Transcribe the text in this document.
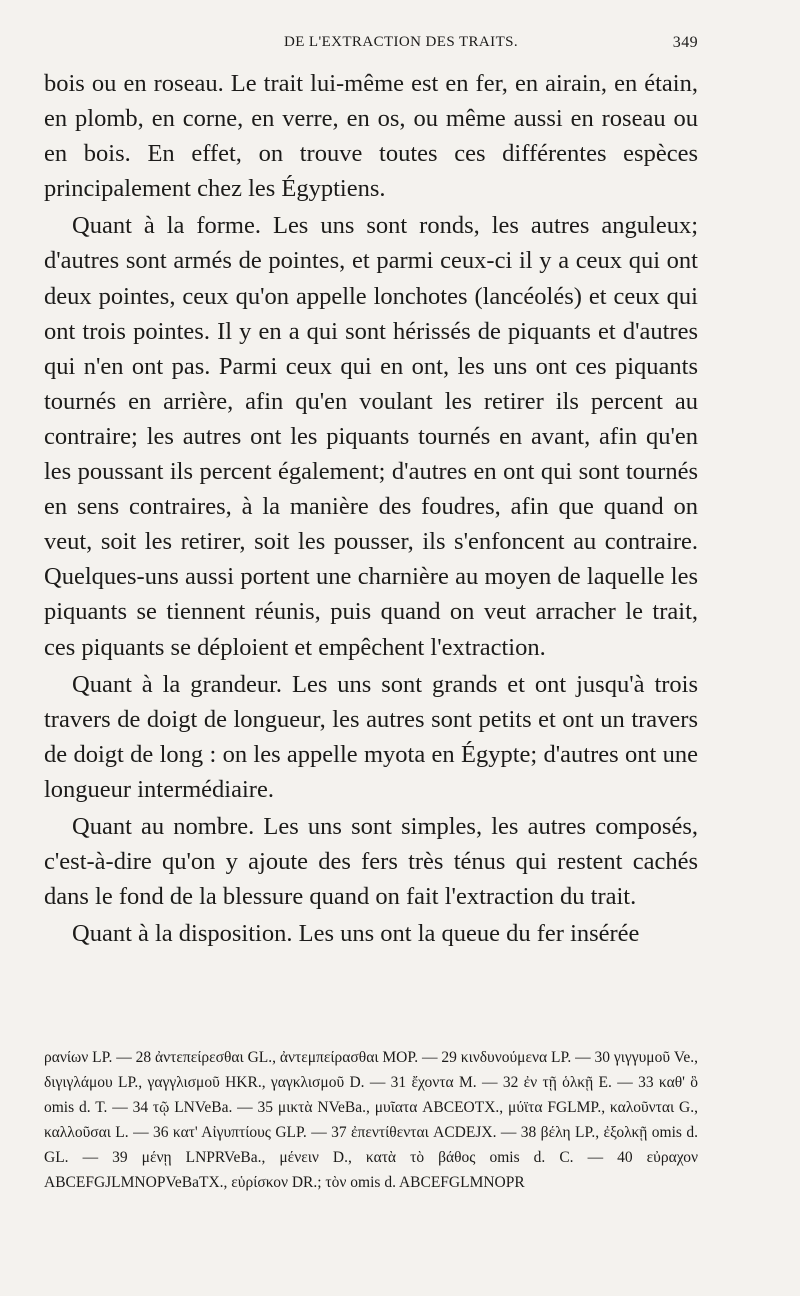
DE L'EXTRACTION DES TRAITS.	349

bois ou en roseau. Le trait lui-même est en fer, en airain, en étain, en plomb, en corne, en verre, en os, ou même aussi en roseau ou en bois. En effet, on trouve toutes ces différentes espèces principalement chez les Égyptiens.

Quant à la forme. Les uns sont ronds, les autres anguleux; d'autres sont armés de pointes, et parmi ceux-ci il y a ceux qui ont deux pointes, ceux qu'on appelle lonchotes (lancéolés) et ceux qui ont trois pointes. Il y en a qui sont hérissés de piquants et d'autres qui n'en ont pas. Parmi ceux qui en ont, les uns ont ces piquants tournés en arrière, afin qu'en voulant les retirer ils percent au contraire; les autres ont les piquants tournés en avant, afin qu'en les poussant ils percent également; d'autres en ont qui sont tournés en sens contraires, à la manière des foudres, afin que quand on veut, soit les retirer, soit les pousser, ils s'enfoncent au contraire. Quelques-uns aussi portent une charnière au moyen de laquelle les piquants se tiennent réunis, puis quand on veut arracher le trait, ces piquants se déploient et empêchent l'extraction.

Quant à la grandeur. Les uns sont grands et ont jusqu'à trois travers de doigt de longueur, les autres sont petits et ont un travers de doigt de long : on les appelle myota en Égypte; d'autres ont une longueur intermédiaire.

Quant au nombre. Les uns sont simples, les autres composés, c'est-à-dire qu'on y ajoute des fers très ténus qui restent cachés dans le fond de la blessure quand on fait l'extraction du trait.

Quant à la disposition. Les uns ont la queue du fer insérée

ρανίων LP. — 28 ἀντεπείρεσθαι GL., ἀντεμπείρασθαι MOP. — 29 κινδυνούμενα LP. — 30 γιγγυμοῦ Ve., διγιγλάμου LP., γαγγλισμοῦ HKR., γαγκλισμοῦ D. — 31 ἔχοντα M. — 32 ἐν τῇ ὁλκῇ E. — 33 καθ' ὃ omis d. T. — 34 τῷ LNVeBa. — 35 μικτὰ NVeBa., μυῖατα ABCEOTX., μύϊτα FGLMP., καλοῦνται G., καλλοῦσαι L. — 36 κατ' Αἰγυπτίους GLP. — 37 ἐπεντίθενται ACDEJX. — 38 βέλη LP., ἐξολκῇ omis d. GL. — 39 μένῃ LNPRVeBa., μένειν D., κατὰ τὸ βάθος omis d. C. — 40 εὐραχον ABCEFGJLMNOPVeBaTX., εὑρίσκον DR.; τὸν omis d. ABCEFGLMNOPR
